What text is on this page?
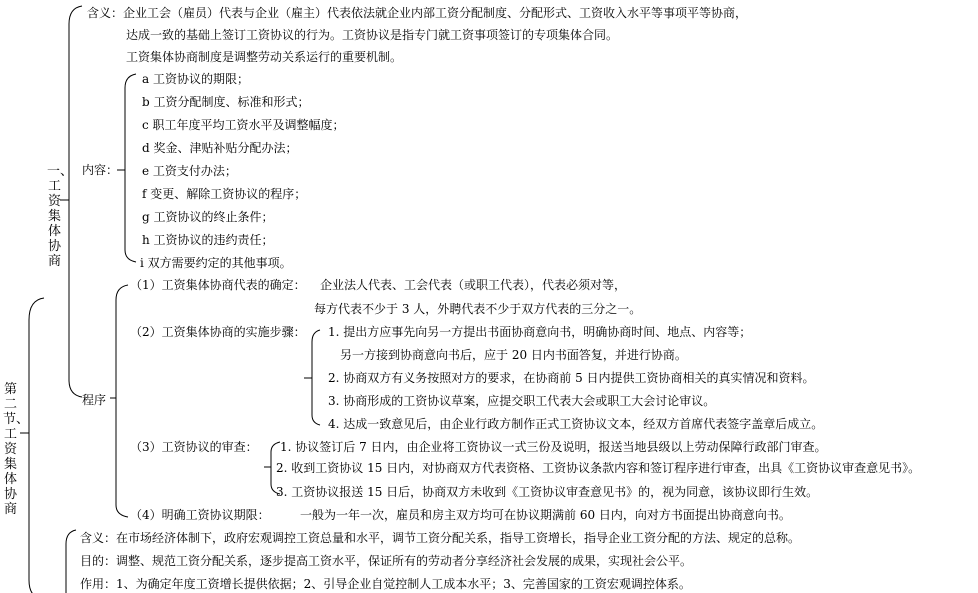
第二节、工资集体协商
一、工资集体协商
含义：企业工会（雇员）代表与企业（雇主）代表依法就企业内部工资分配制度、分配形式、工资收入水平等事项平等协商，
达成一致的基础上签订工资协议的行为。工资协议是指专门就工资事项签订的专项集体合同。
工资集体协商制度是调整劳动关系运行的重要机制。
内容：
a 工资协议的期限；
b 工资分配制度、标准和形式；
c 职工年度平均工资水平及调整幅度；
d 奖金、津贴补贴分配办法；
e 工资支付办法；
f 变更、解除工资协议的程序；
g 工资协议的终止条件；
h 工资协议的违约责任；
i 双方需要约定的其他事项。
程序
（1）工资集体协商代表的确定： 企业法人代表、工会代表（或职工代表），代表必须对等，
每方代表不少于 3 人，外聘代表不少于双方代表的三分之一。
（2）工资集体协商的实施步骤： 1. 提出方应事先向另一方提出书面协商意向书，明确协商时间、地点、内容等；
另一方接到协商意向书后，应于 20 日内书面答复，并进行协商。
2. 协商双方有义务按照对方的要求，在协商前 5 日内提供工资协商相关的真实情况和资料。
3. 协商形成的工资协议草案，应提交职工代表大会或职工大会讨论审议。
4. 达成一致意见后，由企业行政方制作正式工资协议文本，经双方首席代表签字盖章后成立。
（3）工资协议的审查： 1. 协议签订后 7 日内，由企业将工资协议一式三份及说明，报送当地县级以上劳动保障行政部门审查。
2. 收到工资协议 15 日内，对协商双方代表资格、工资协议条款内容和签订程序进行审查，出具《工资协议审查意见书》。
3. 工资协议报送 15 日后，协商双方未收到《工资协议审查意见书》的，视为同意，该协议即行生效。
（4）明确工资协议期限：	一般为一年一次，雇员和房主双方均可在协议期满前 60 日内，向对方书面提出协商意向书。
含义：在市场经济体制下，政府宏观调控工资总量和水平，调节工资分配关系，指导工资增长，指导企业工资分配的方法、规定的总称。
目的：调整、规范工资分配关系，逐步提高工资水平，保证所有的劳动者分享经济社会发展的成果，实现社会公平。
作用：1、为确定年度工资增长提供依据；2、引导企业自觉控制人工成本水平；3、完善国家的工资宏观调控体系。
